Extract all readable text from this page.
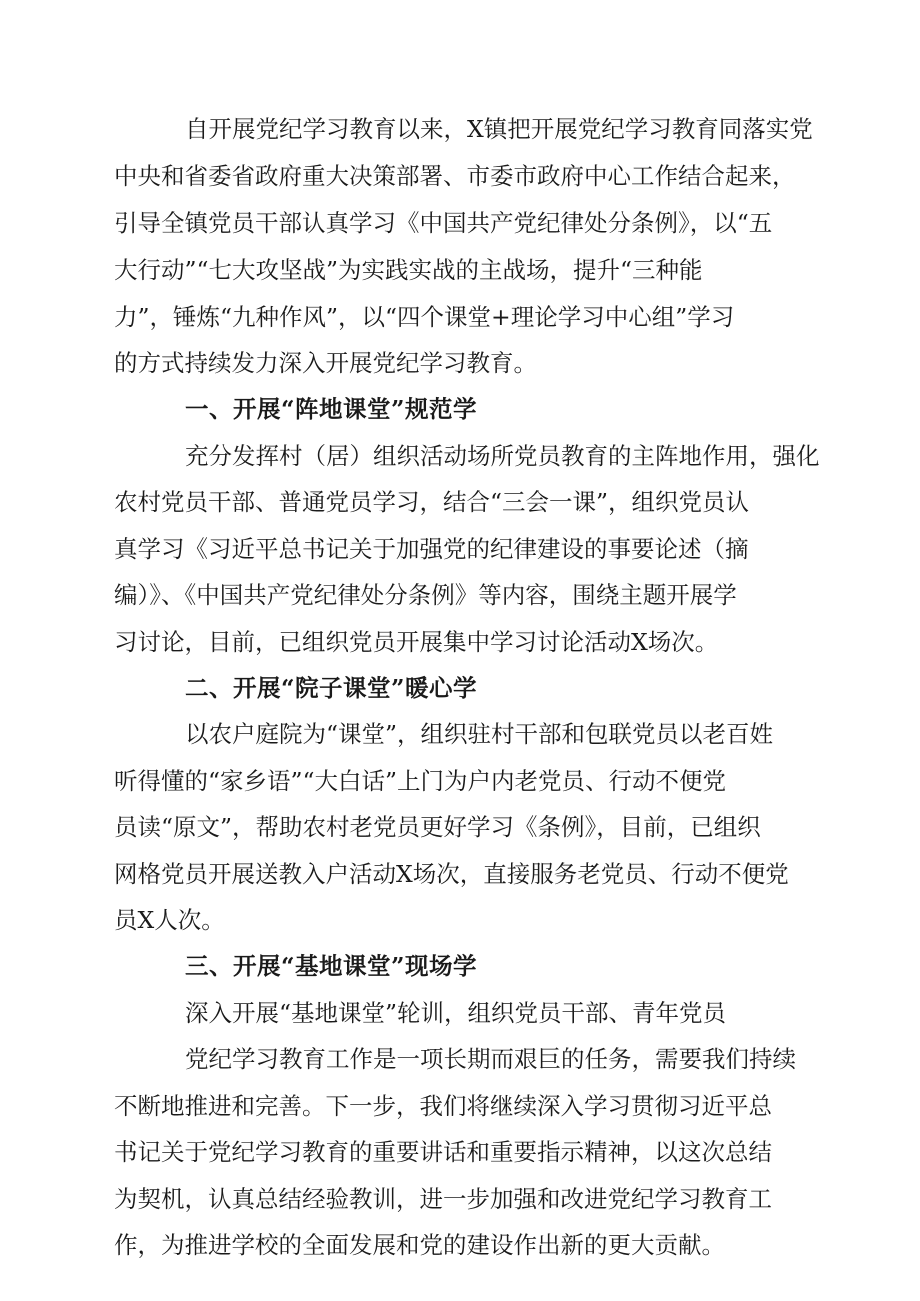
自开展党纪学习教育以来，X镇把开展党纪学习教育同落实党
中央和省委省政府重大决策部署、市委市政府中心工作结合起来，
引导全镇党员干部认真学习《中国共产党纪律处分条例》，以“五
大行动”“七大攻坚战”为实践实战的主战场，提升“三种能
力”，锤炼“九种作风”，以“四个课堂+理论学习中心组”学习
的方式持续发力深入开展党纪学习教育。
一、开展“阵地课堂”规范学
充分发挥村（居）组织活动场所党员教育的主阵地作用，强化
农村党员干部、普通党员学习，结合“三会一课”，组织党员认
真学习《习近平总书记关于加强党的纪律建设的事要论述（摘
编）》、《中国共产党纪律处分条例》等内容，围绕主题开展学
习讨论，目前，已组织党员开展集中学习讨论活动X场次。
二、开展“院子课堂”暖心学
以农户庭院为“课堂”，组织驻村干部和包联党员以老百姓
听得懂的“家乡语”“大白话”上门为户内老党员、行动不便党
员读“原文”，帮助农村老党员更好学习《条例》，目前，已组织
网格党员开展送教入户活动X场次，直接服务老党员、行动不便党
员X人次。
三、开展“基地课堂”现场学
深入开展“基地课堂”轮训，组织党员干部、青年党员
党纪学习教育工作是一项长期而艰巨的任务，需要我们持续
不断地推进和完善。下一步，我们将继续深入学习贯彻习近平总
书记关于党纪学习教育的重要讲话和重要指示精神，以这次总结
为契机，认真总结经验教训，进一步加强和改进党纪学习教育工
作，为推进学校的全面发展和党的建设作出新的更大贡献。
